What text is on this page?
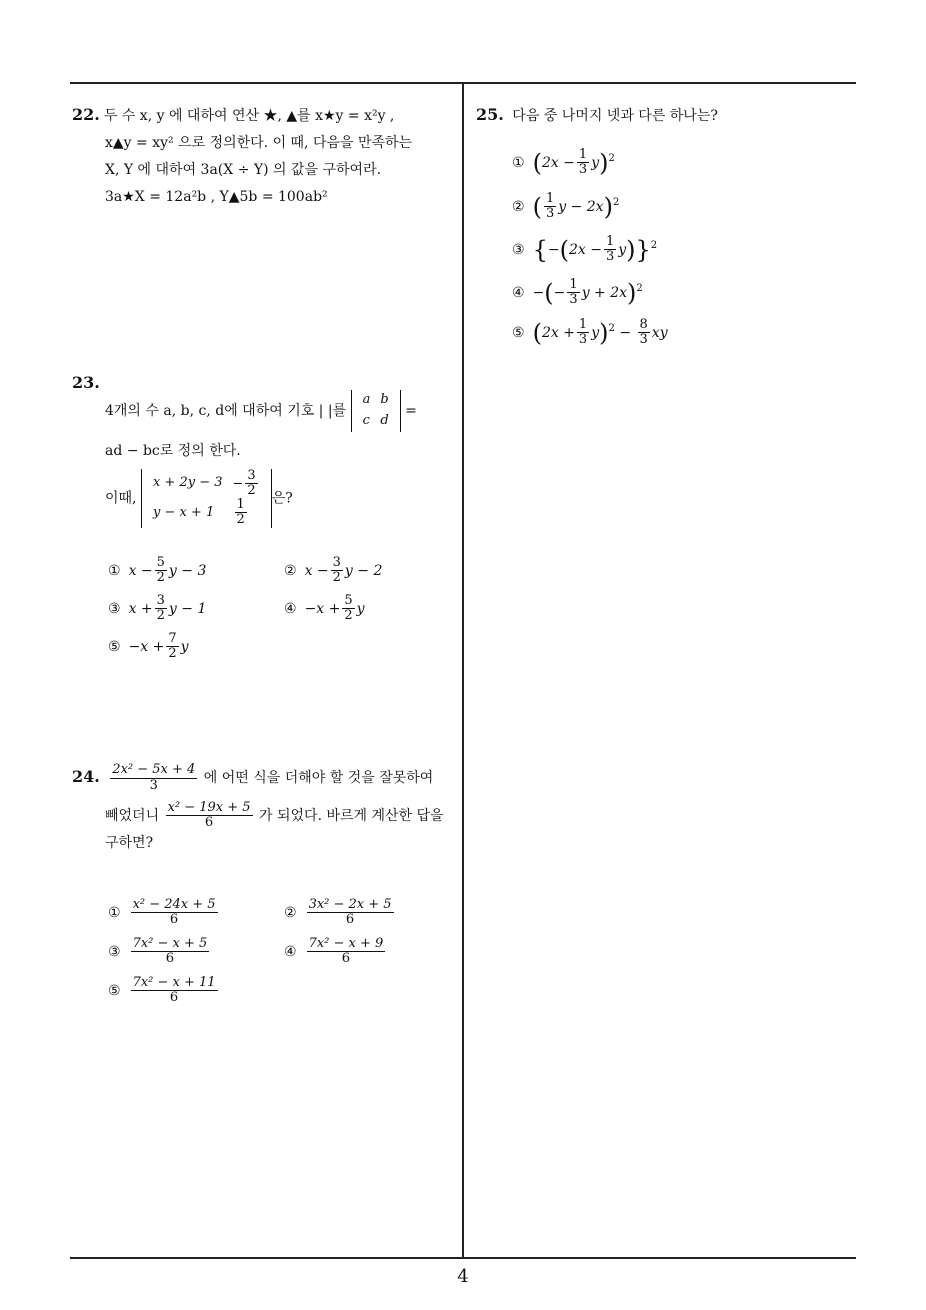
22. 두 수 x, y 에 대하여 연산 ★, ▲를 x★y = x²y ,
x▲y = xy² 으로 정의한다. 이 때, 다음을 만족하는
X, Y 에 대하여 3a(X ÷ Y) 의 값을 구하여라.
3a★X = 12a²b , Y▲5b = 100ab²
23.
4개의 수 a, b, c, d에 대하여 기호 | |를
a	b
c	d
=
ad − bc로 정의 한다.
이때,
x + 2y − 3	− $\frac{3}{2}$

y − x + 1	$\frac{1}{2}$ 은?
① $x - \frac{5}{2}$ y − 3	② $x - \frac{3}{2}$ y − 2
③ $x + \frac{3}{2}$ y − 1	④ $-x + \frac{5}{2}$ y
⑤ $-x + \frac{7}{2}$ y
24. $\frac{\text{2x² − 5x + 4}}{3}$ 에 어떤 식을 더해야 할 것을 잘못하여
빼었더니 $\frac{\text{x² − 19x + 5}}{6}$ 가 되었다. 바르게 계산한 답을
구하면?
① $\frac{\text{x² − 24x + 5}}{6}$	② $\frac{\text{3x² − 2x + 5}}{6}$
③ $\frac{\text{7x² − x + 5}}{6}$	④ $\frac{\text{7x² − x + 9}}{6}$
⑤ $\frac{\text{7x² − x + 11}}{6}$
25. 다음 중 나머지 넷과 다른 하나는?
① $(2x - \frac{1}{3} y)^2$
② ( $\frac{1}{3}$ y − 2x)$^2$
③ $\{-(2x - \frac{1}{3} y)\}^2$
④ −(− $\frac{1}{3}$ y + 2x)$^2$
⑤ $(2x + \frac{1}{3} y)^2 - \frac{8}{3}$ xy
4
